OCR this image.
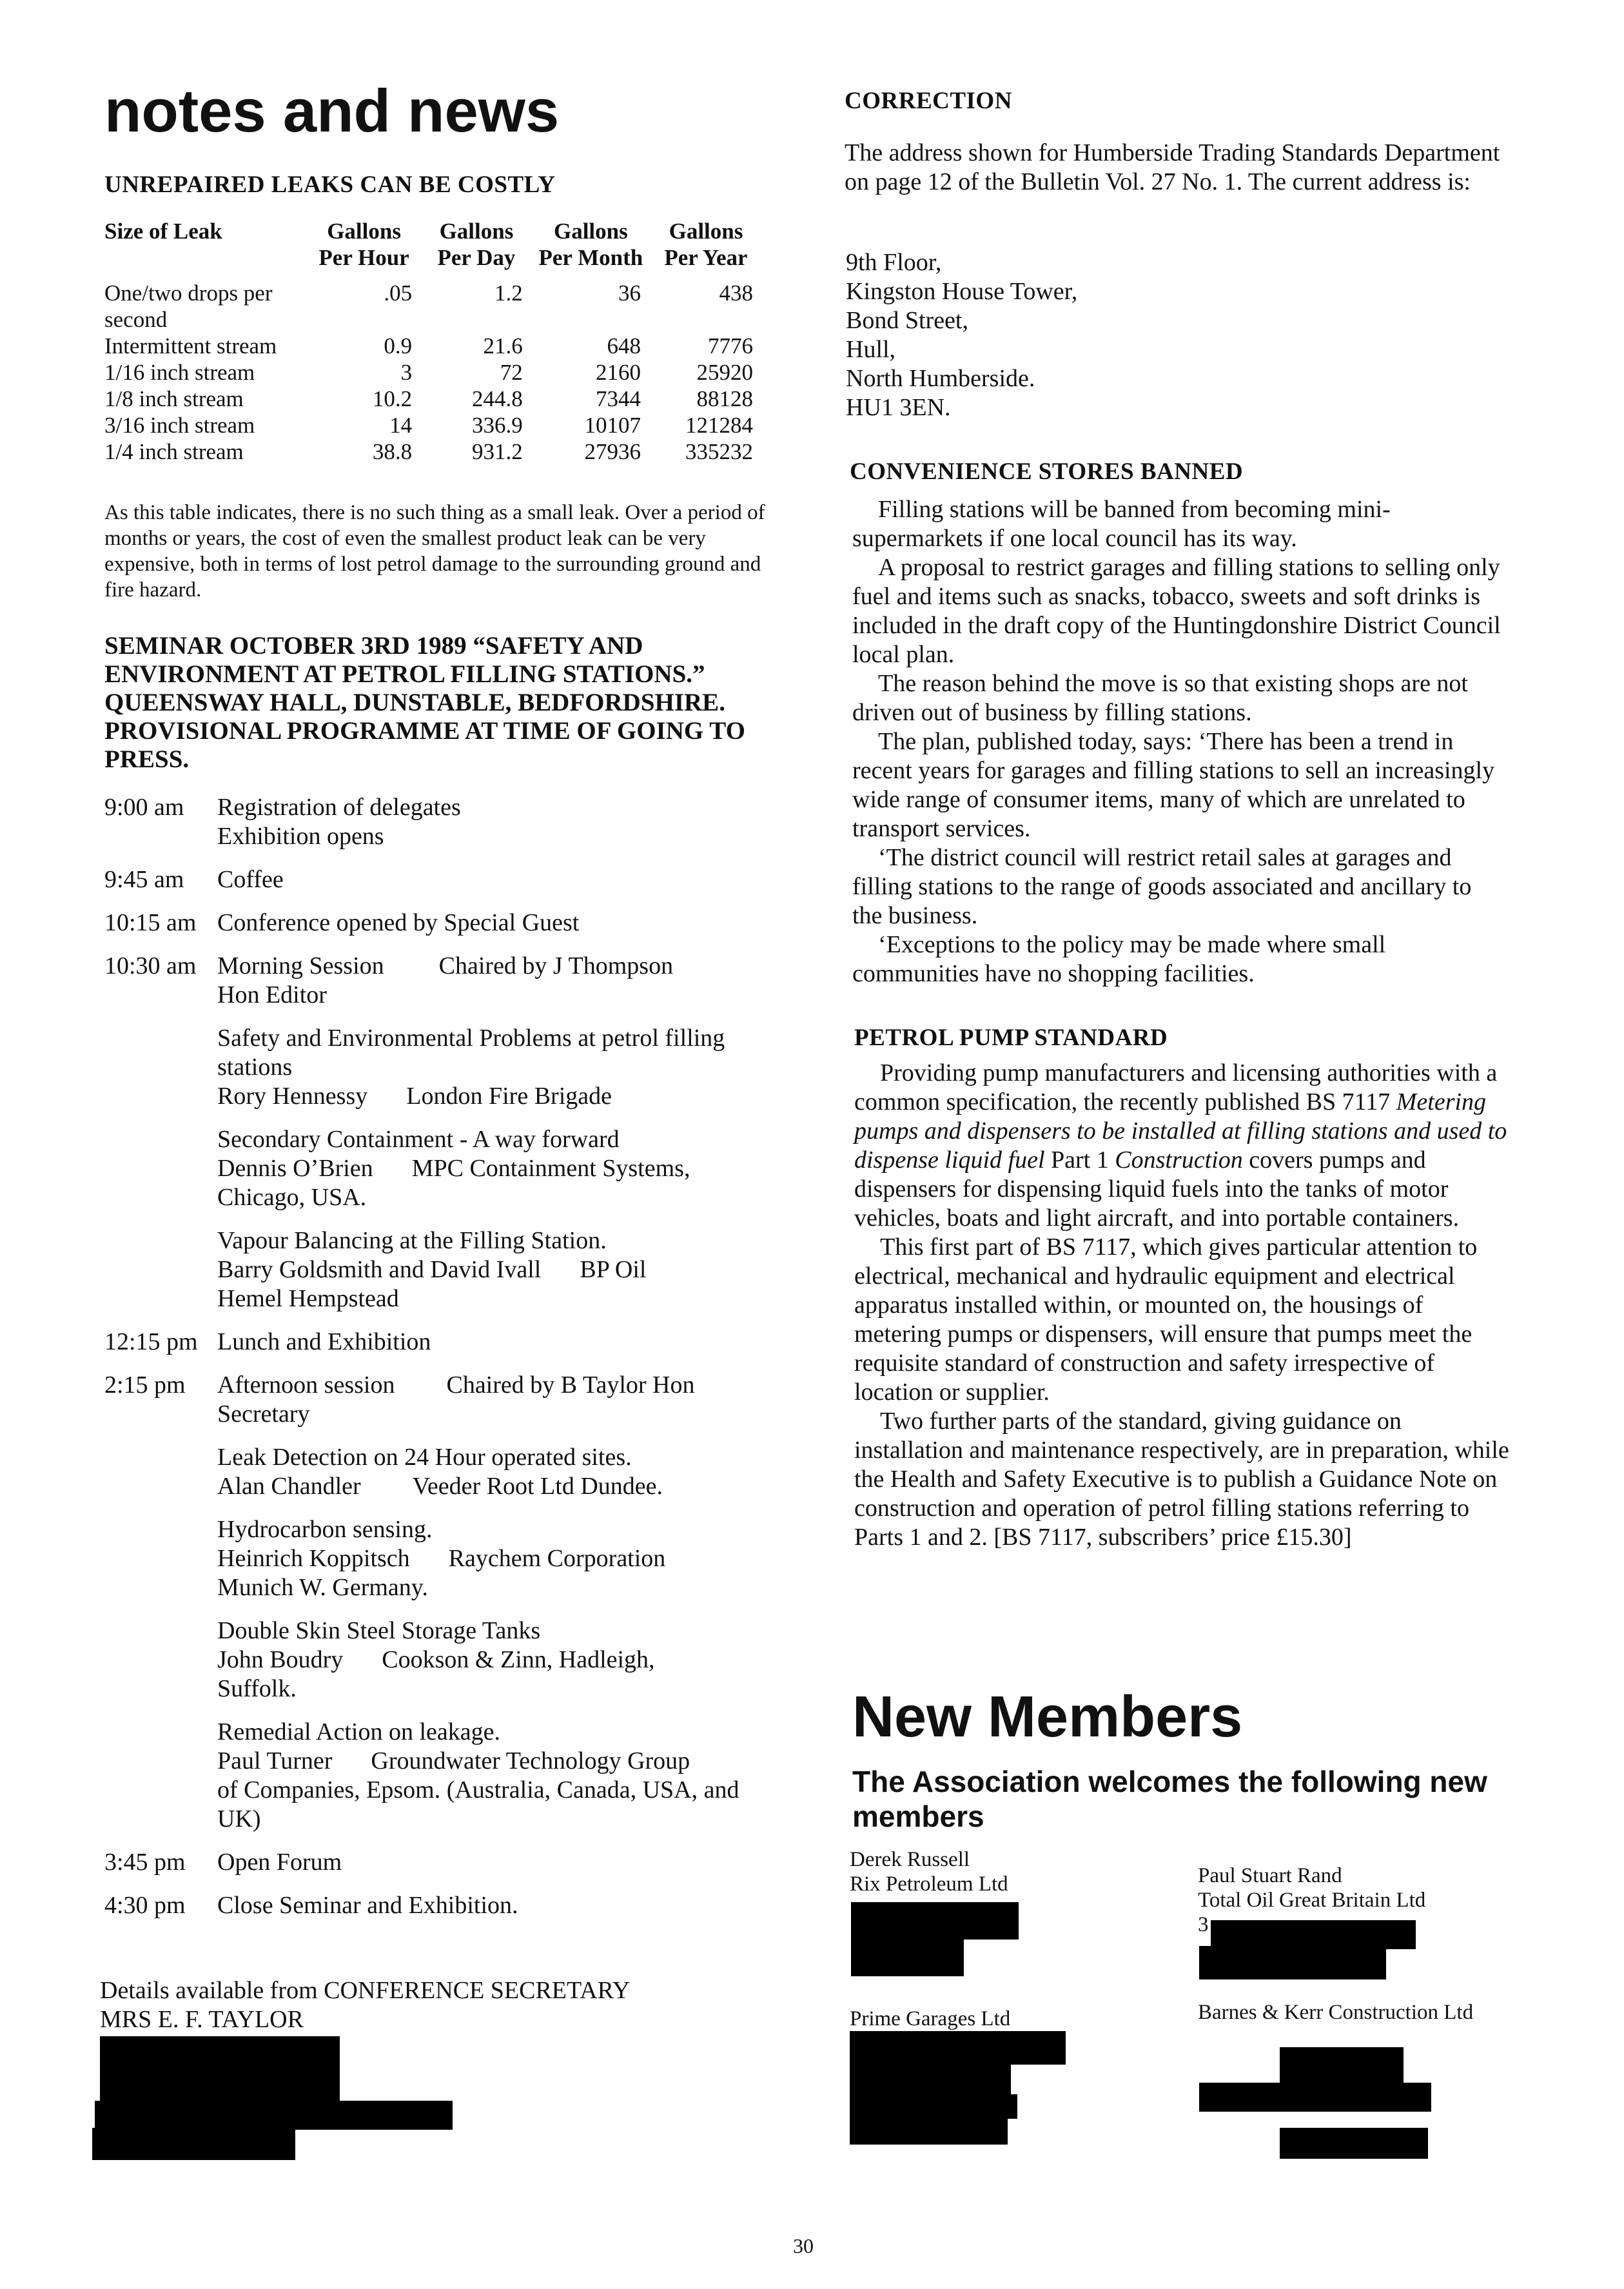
notes and news
UNREPAIRED LEAKS CAN BE COSTLY
Size of Leak	Gallons Per Hour	Gallons Per Day	Gallons Per Month	Gallons Per Year
One/two drops per second	.05	1.2	36	438
Intermittent stream	0.9	21.6	648	7776
1/16 inch stream	3	72	2160	25920
1/8 inch stream	10.2	244.8	7344	88128
3/16 inch stream	14	336.9	10107	121284
1/4 inch stream	38.8	931.2	27936	335232

As this table indicates, there is no such thing as a small leak. Over a period of months or years, the cost of even the smallest product leak can be very expensive, both in terms of lost petrol damage to the surrounding ground and fire hazard.

SEMINAR OCTOBER 3RD 1989 “SAFETY AND ENVIRONMENT AT PETROL FILLING STATIONS.” QUEENSWAY HALL, DUNSTABLE, BEDFORDSHIRE. PROVISIONAL PROGRAMME AT TIME OF GOING TO PRESS.
9:00 am	Registration of delegates
Exhibition opens
9:45 am	Coffee
10:15 am Conference opened by Special Guest
10:30 am Morning Session Chaired by J Thompson
Hon Editor
Safety and Environmental Problems at petrol filling stations
Rory Hennessy London Fire Brigade
Secondary Containment - A way forward
Dennis O’Brien MPC Containment Systems,
Chicago, USA.
Vapour Balancing at the Filling Station.
Barry Goldsmith and David Ivall BP Oil
Hemel Hempstead
12:15 pm Lunch and Exhibition
2:15 pm	Afternoon session Chaired by B Taylor Hon
Secretary
Leak Detection on 24 Hour operated sites.
Alan Chandler Veeder Root Ltd Dundee.
Hydrocarbon sensing.
Heinrich Koppitsch Raychem Corporation
Munich W. Germany.
Double Skin Steel Storage Tanks
John Boudry Cookson & Zinn, Hadleigh,
Suffolk.
Remedial Action on leakage.
Paul Turner Groundwater Technology Group
of Companies, Epsom. (Australia, Canada, USA, and UK)
3:45 pm	Open Forum
4:30 pm	Close Seminar and Exhibition.
Details available from CONFERENCE SECRETARY
MRS E. F. TAYLOR
CORRECTION

The address shown for Humberside Trading Standards Department on page 12 of the Bulletin Vol. 27 No. 1. The current address is:

9th Floor,
Kingston House Tower,
Bond Street,
Hull,
North Humberside.
HU1 3EN.
CONVENIENCE STORES BANNED

Filling stations will be banned from becoming mini-supermarkets if one local council has its way.

A proposal to restrict garages and filling stations to selling only fuel and items such as snacks, tobacco, sweets and soft drinks is included in the draft copy of the Huntingdonshire District Council local plan.

The reason behind the move is so that existing shops are not driven out of business by filling stations.

The plan, published today, says: ‘There has been a trend in recent years for garages and filling stations to sell an increasingly wide range of consumer items, many of which are unrelated to transport services.

‘The district council will restrict retail sales at garages and filling stations to the range of goods associated and ancillary to the business.

‘Exceptions to the policy may be made where small communities have no shopping facilities.

PETROL PUMP STANDARD

Providing pump manufacturers and licensing authorities with a common specification, the recently published BS 7117 Metering pumps and dispensers to be installed at filling stations and used to dispense liquid fuel Part 1 Construction covers pumps and dispensers for dispensing liquid fuels into the tanks of motor vehicles, boats and light aircraft, and into portable containers.

This first part of BS 7117, which gives particular attention to electrical, mechanical and hydraulic equipment and electrical apparatus installed within, or mounted on, the housings of metering pumps or dispensers, will ensure that pumps meet the requisite standard of construction and safety irrespective of location or supplier.

Two further parts of the standard, giving guidance on installation and maintenance respectively, are in preparation, while the Health and Safety Executive is to publish a Guidance Note on construction and operation of petrol filling stations referring to Parts 1 and 2. [BS 7117, subscribers’ price £15.30]

New Members
The Association welcomes the following new members
Derek Russell
Rix Petroleum Ltd	Paul Stuart Rand
Total Oil Great Britain Ltd
3
Prime Garages Ltd	Barnes & Kerr Construction Ltd
30
